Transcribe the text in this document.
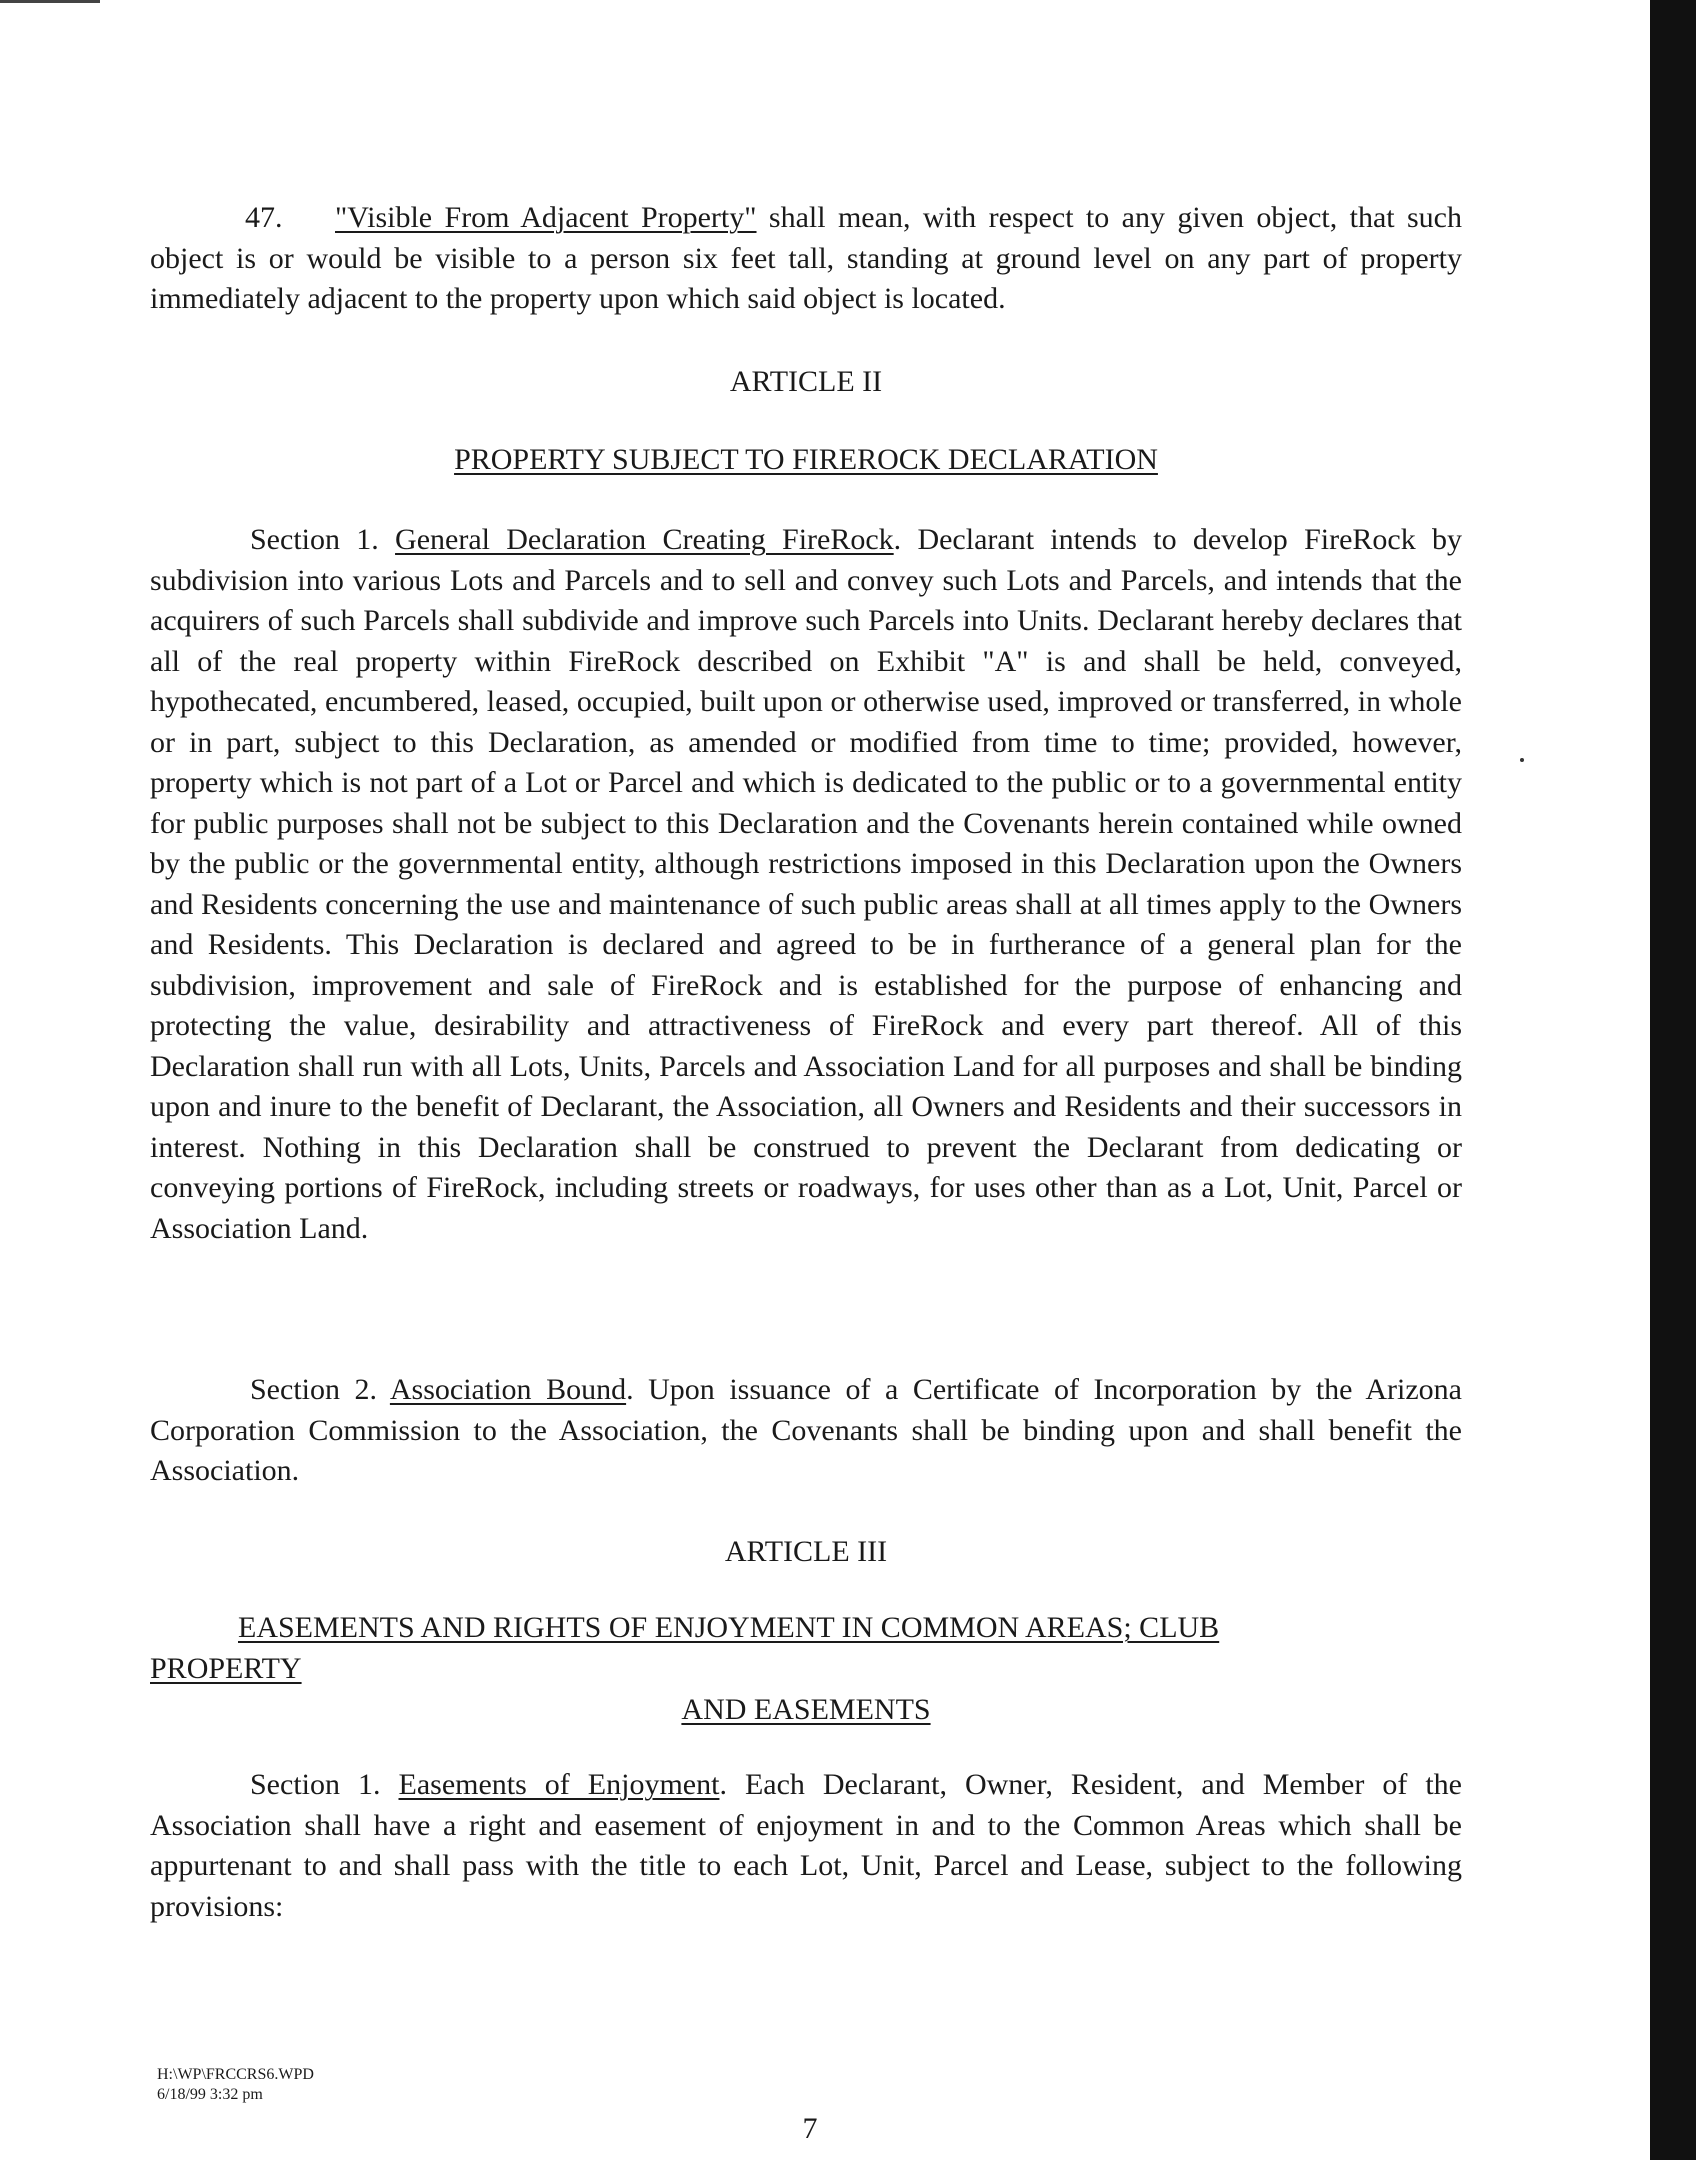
47. "Visible From Adjacent Property" shall mean, with respect to any given object, that such object is or would be visible to a person six feet tall, standing at ground level on any part of property immediately adjacent to the property upon which said object is located.

ARTICLE II

PROPERTY SUBJECT TO FIREROCK DECLARATION

Section 1. General Declaration Creating FireRock. Declarant intends to develop FireRock by subdivision into various Lots and Parcels and to sell and convey such Lots and Parcels, and intends that the acquirers of such Parcels shall subdivide and improve such Parcels into Units. Declarant hereby declares that all of the real property within FireRock described on Exhibit "A" is and shall be held, conveyed, hypothecated, encumbered, leased, occupied, built upon or otherwise used, improved or transferred, in whole or in part, subject to this Declaration, as amended or modified from time to time; provided, however, property which is not part of a Lot or Parcel and which is dedicated to the public or to a governmental entity for public purposes shall not be subject to this Declaration and the Covenants herein contained while owned by the public or the governmental entity, although restrictions imposed in this Declaration upon the Owners and Residents concerning the use and maintenance of such public areas shall at all times apply to the Owners and Residents. This Declaration is declared and agreed to be in furtherance of a general plan for the subdivision, improvement and sale of FireRock and is established for the purpose of enhancing and protecting the value, desirability and attractiveness of FireRock and every part thereof. All of this Declaration shall run with all Lots, Units, Parcels and Association Land for all purposes and shall be binding upon and inure to the benefit of Declarant, the Association, all Owners and Residents and their successors in interest. Nothing in this Declaration shall be construed to prevent the Declarant from dedicating or conveying portions of FireRock, including streets or roadways, for uses other than as a Lot, Unit, Parcel or Association Land.

Section 2. Association Bound. Upon issuance of a Certificate of Incorporation by the Arizona Corporation Commission to the Association, the Covenants shall be binding upon and shall benefit the Association.

ARTICLE III

EASEMENTS AND RIGHTS OF ENJOYMENT IN COMMON AREAS; CLUB
PROPERTY

AND EASEMENTS

Section 1. Easements of Enjoyment. Each Declarant, Owner, Resident, and Member of the Association shall have a right and easement of enjoyment in and to the Common Areas which shall be appurtenant to and shall pass with the title to each Lot, Unit, Parcel and Lease, subject to the following provisions:

H:\WP\FRCCRS6.WPD
6/18/99 3:32 pm
7
